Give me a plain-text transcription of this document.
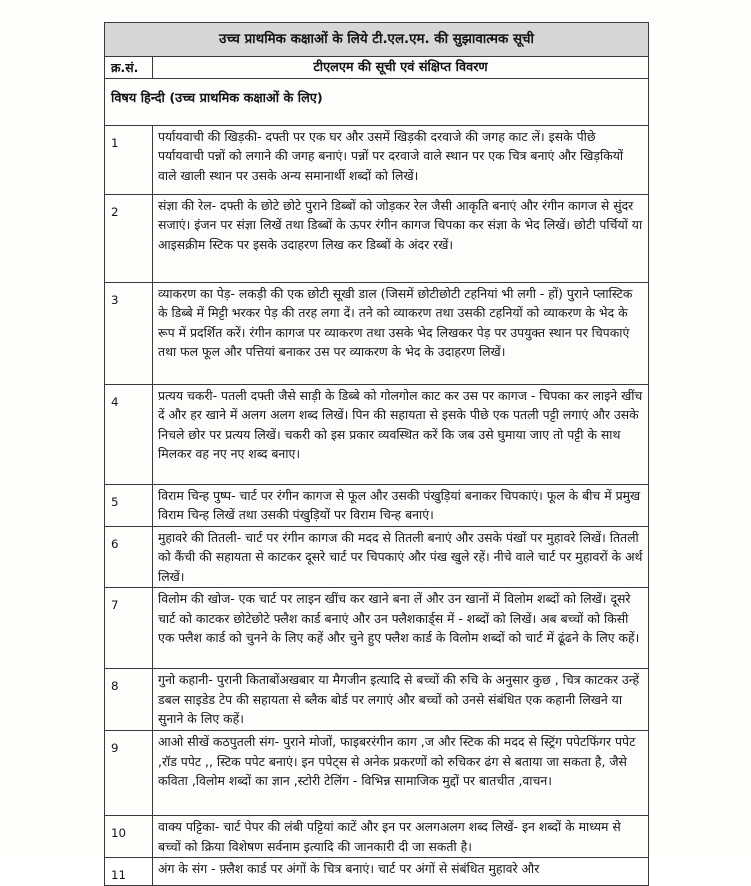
उच्च प्राथमिक कक्षाओं के लिये टी.एल.एम. की सुझावात्मक सूची	
क्र.सं.	टीएलएम की सूची एवं संक्षिप्त विवरण
विषय हिन्दी (उच्च प्राथमिक कक्षाओं के लिए)	
1	पर्यायवाची की खिड़की- दफ्ती पर एक घर और उसमें खिड़की दरवाजे की जगह काट लें। इसके पीछे पर्यायवाची पन्नों को लगाने की जगह बनाएं। पन्नों पर दरवाजे वाले स्थान पर एक चित्र बनाएं और खिड़कियों वाले खाली स्थान पर उसके अन्य समानार्थी शब्दों को लिखें।
2	संज्ञा की रेल- दफ्ती के छोटे छोटे पुराने डिब्बों को जोड़कर रेल जैसी आकृति बनाएं और रंगीन कागज से सुंदर सजाएं। इंजन पर संज्ञा लिखें तथा डिब्बों के ऊपर रंगीन कागज चिपका कर संज्ञा के भेद लिखें। छोटी पर्चियों या आइसक्रीम स्टिक पर इसके उदाहरण लिख कर डिब्बों के अंदर रखें।
3	व्याकरण का पेड़- लकड़ी की एक छोटी सूखी डाल (जिसमें छोटीछोटी टहनियां भी लगी - हों) पुराने प्लास्टिक के डिब्बे में मिट्टी भरकर पेड़ की तरह लगा दें। तने को व्याकरण तथा उसकी टहनियों को व्याकरण के भेद के रूप में प्रदर्शित करें। रंगीन कागज पर व्याकरण तथा उसके भेद लिखकर पेड़ पर उपयुक्त स्थान पर चिपकाएं तथा फल फूल और पत्तियां बनाकर उस पर व्याकरण के भेद के उदाहरण लिखें।
4	प्रत्यय चकरी- पतली दफ्ती जैसे साड़ी के डिब्बे को गोलगोल काट कर उस पर कागज - चिपका कर लाइने खींच दें और हर खाने में अलग अलग शब्द लिखें। पिन की सहायता से इसके पीछे एक पतली पट्टी लगाएं और उसके निचले छोर पर प्रत्यय लिखें। चकरी को इस प्रकार व्यवस्थित करें कि जब उसे घुमाया जाए तो पट्टी के साथ मिलकर वह नए नए शब्द बनाए।
5	विराम चिन्ह पुष्प- चार्ट पर रंगीन कागज से फूल और उसकी पंखुड़ियां बनाकर चिपकाएं। फूल के बीच में प्रमुख विराम चिन्ह लिखें तथा उसकी पंखुड़ियों पर विराम चिन्ह बनाएं।
6	मुहावरे की तितली- चार्ट पर रंगीन कागज की मदद से तितली बनाएं और उसके पंखों पर मुहावरे लिखें। तितली को कैंची की सहायता से काटकर दूसरे चार्ट पर चिपकाएं और पंख खुले रहें। नीचे वाले चार्ट पर मुहावरों के अर्थ लिखें।
7	विलोम की खोज- एक चार्ट पर लाइन खींच कर खाने बना लें और उन खानों में विलोम शब्दों को लिखें। दूसरे चार्ट को काटकर छोटेछोटे फ्लैश कार्ड बनाएं और उन फ्लैशकार्ड्स में - शब्दों को लिखें। अब बच्चों को किसी एक फ्लैश कार्ड को चुनने के लिए कहें और चुने हुए फ्लैश कार्ड के विलोम शब्दों को चार्ट में ढूंढने के लिए कहें।
8	गुनो कहानी- पुरानी किताबोंअखबार या मैगजीन इत्यादि से बच्चों की रुचि के अनुसार कुछ , चित्र काटकर उन्हें डबल साइडेड टेप की सहायता से ब्लैक बोर्ड पर लगाएं और बच्चों को उनसे संबंधित एक कहानी लिखने या सुनाने के लिए कहें।
9	आओ सीखें कठपुतली संग- पुराने मोजों, फाइबररंगीन काग ,ज और स्टिक की मदद से स्ट्रिंग पपेटफिंगर पपेट ,रॉड पपेट ,, स्टिक पपेट बनाएं। इन पपेट्स से अनेक प्रकरणों को रुचिकर ढंग से बताया जा सकता है, जैसे कविता ,विलोम शब्दों का ज्ञान ,स्टोरी टेलिंग - विभिन्न सामाजिक मुद्दों पर बातचीत ,वाचन।
10	वाक्य पट्टिका- चार्ट पेपर की लंबी पट्टियां काटें और इन पर अलगअलग शब्द लिखें- इन शब्दों के माध्यम से बच्चों को क्रिया विशेषण सर्वनाम इत्यादि की जानकारी दी जा सकती है।
11	अंग के संग - फ़्लैश कार्ड पर अंगों के चित्र बनाएं। चार्ट पर अंगों से संबंधित मुहावरे और
